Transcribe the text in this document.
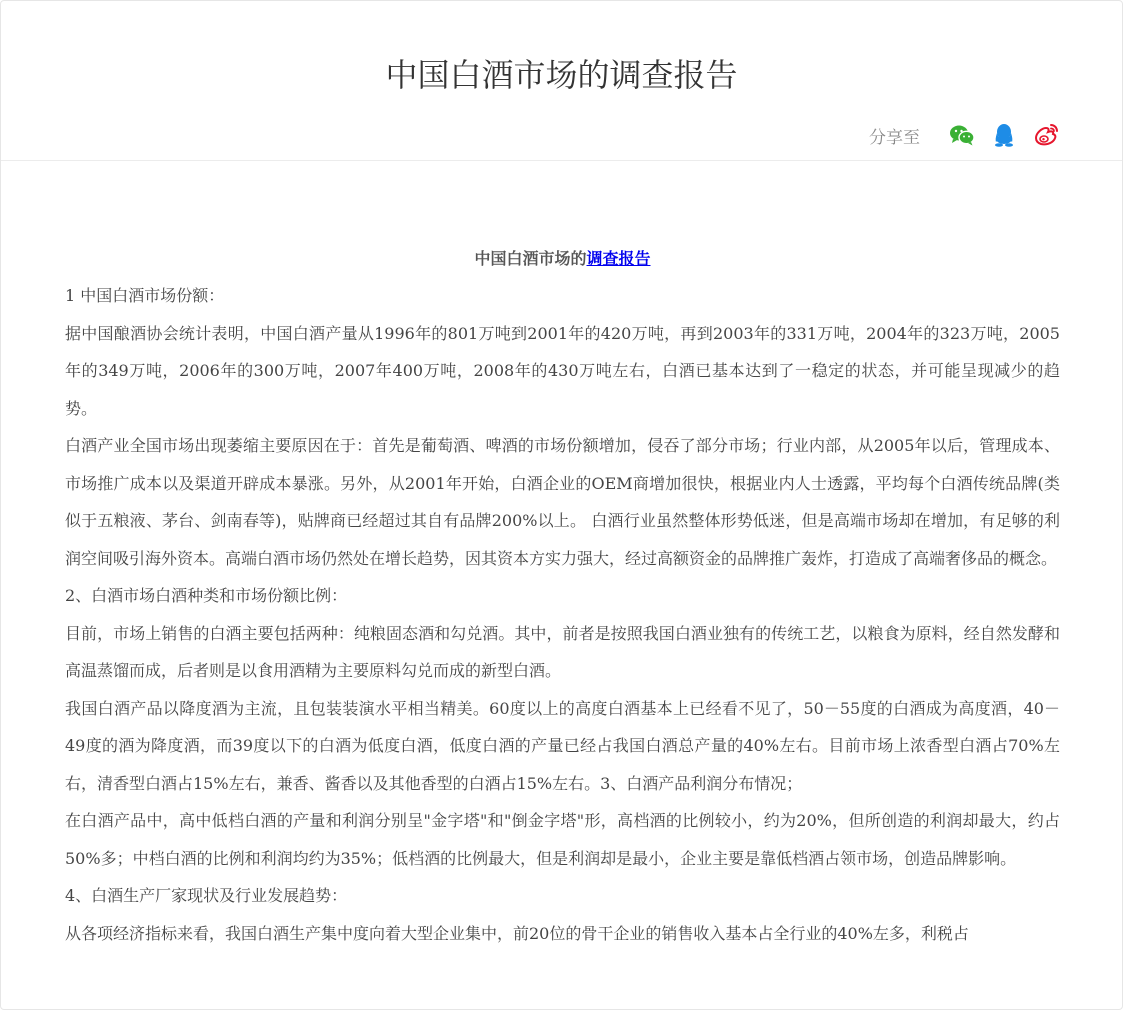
中国白酒市场的调查报告
分享至
中国白酒市场的调查报告

1 中国白酒市场份额：

据中国酿酒协会统计表明，中国白酒产量从1996年的801万吨到2001年的420万吨，再到2003年的331万吨，2004年的323万吨，2005年的349万吨，2006年的300万吨，2007年400万吨，2008年的430万吨左右，白酒已基本达到了一稳定的状态，并可能呈现减少的趋势。

白酒产业全国市场出现萎缩主要原因在于：首先是葡萄酒、啤酒的市场份额增加，侵吞了部分市场；行业内部，从2005年以后，管理成本、市场推广成本以及渠道开辟成本暴涨。另外，从2001年开始，白酒企业的OEM商增加很快，根据业内人士透露，平均每个白酒传统品牌(类似于五粮液、茅台、剑南春等)，贴牌商已经超过其自有品牌200%以上。 白酒行业虽然整体形势低迷，但是高端市场却在增加，有足够的利润空间吸引海外资本。高端白酒市场仍然处在增长趋势，因其资本方实力强大，经过高额资金的品牌推广轰炸，打造成了高端奢侈品的概念。

2、白酒市场白酒种类和市场份额比例：

目前，市场上销售的白酒主要包括两种：纯粮固态酒和勾兑酒。其中，前者是按照我国白酒业独有的传统工艺，以粮食为原料，经自然发酵和高温蒸馏而成，后者则是以食用酒精为主要原料勾兑而成的新型白酒。

我国白酒产品以降度酒为主流，且包装装演水平相当精美。60度以上的高度白酒基本上已经看不见了，50－55度的白酒成为高度酒，40－49度的酒为降度酒，而39度以下的白酒为低度白酒，低度白酒的产量已经占我国白酒总产量的40%左右。目前市场上浓香型白酒占70%左右，清香型白酒占15%左右，兼香、酱香以及其他香型的白酒占15%左右。3、白酒产品利润分布情况；

在白酒产品中，高中低档白酒的产量和利润分别呈"金字塔"和"倒金字塔"形，高档酒的比例较小，约为20%，但所创造的利润却最大，约占50%多；中档白酒的比例和利润均约为35%；低档酒的比例最大，但是利润却是最小，企业主要是靠低档酒占领市场，创造品牌影响。

4、白酒生产厂家现状及行业发展趋势：

从各项经济指标来看，我国白酒生产集中度向着大型企业集中，前20位的骨干企业的销售收入基本占全行业的40%左多，利税占
